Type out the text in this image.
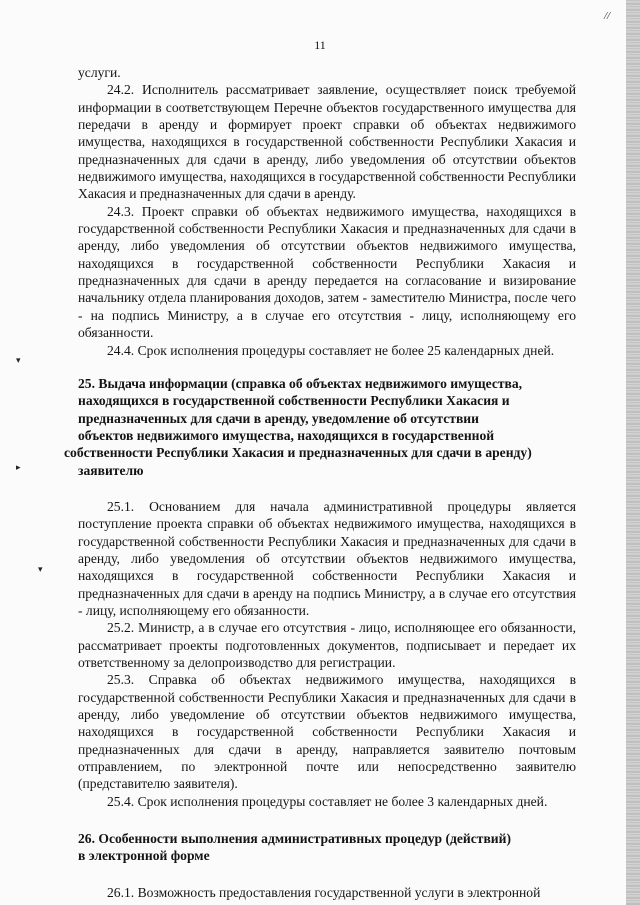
//
11
▾
▸
▾

услуги.

24.2. Исполнитель рассматривает заявление, осуществляет поиск требуемой информации в соответствующем Перечне объектов государственного имущества для передачи в аренду и формирует проект справки об объектах недвижимого имущества, находящихся в государственной собственности Республики Хакасия и предназначенных для сдачи в аренду, либо уведомления об отсутствии объектов недвижимого имущества, находящихся в государственной собственности Республики Хакасия и предназначенных для сдачи в аренду.

24.3. Проект справки об объектах недвижимого имущества, находящихся в государственной собственности Республики Хакасия и предназначенных для сдачи в аренду, либо уведомления об отсутствии объектов недвижимого имущества, находящихся в государственной собственности Республики Хакасия и предназначенных для сдачи в аренду передается на согласование и визирование начальнику отдела планирования доходов, затем - заместителю Министра, после чего - на подпись Министру, а в случае его отсутствия - лицу, исполняющему его обязанности.

24.4. Срок исполнения процедуры составляет не более 25 календарных дней.

25. Выдача информации (справка об объектах недвижимого имущества,

находящихся в государственной собственности Республики Хакасия и

предназначенных для сдачи в аренду, уведомление об отсутствии

объектов недвижимого имущества, находящихся в государственной

собственности Республики Хакасия и предназначенных для сдачи в аренду)

заявителю

25.1. Основанием для начала административной процедуры является поступление проекта справки об объектах недвижимого имущества, находящихся в государственной собственности Республики Хакасия и предназначенных для сдачи в аренду, либо уведомления об отсутствии объектов недвижимого имущества, находящихся в государственной собственности Республики Хакасия и предназначенных для сдачи в аренду на подпись Министру, а в случае его отсутствия - лицу, исполняющему его обязанности.

25.2. Министр, а в случае его отсутствия - лицо, исполняющее его обязанности, рассматривает проекты подготовленных документов, подписывает и передает их ответственному за делопроизводство для регистрации.

25.3. Справка об объектах недвижимого имущества, находящихся в государственной собственности Республики Хакасия и предназначенных для сдачи в аренду, либо уведомление об отсутствии объектов недвижимого имущества, находящихся в государственной собственности Республики Хакасия и предназначенных для сдачи в аренду, направляется заявителю почтовым отправлением, по электронной почте или непосредственно заявителю (представителю заявителя).

25.4. Срок исполнения процедуры составляет не более 3 календарных дней.

26. Особенности выполнения административных процедур (действий)

в электронной форме

26.1. Возможность предоставления государственной услуги в электронной
